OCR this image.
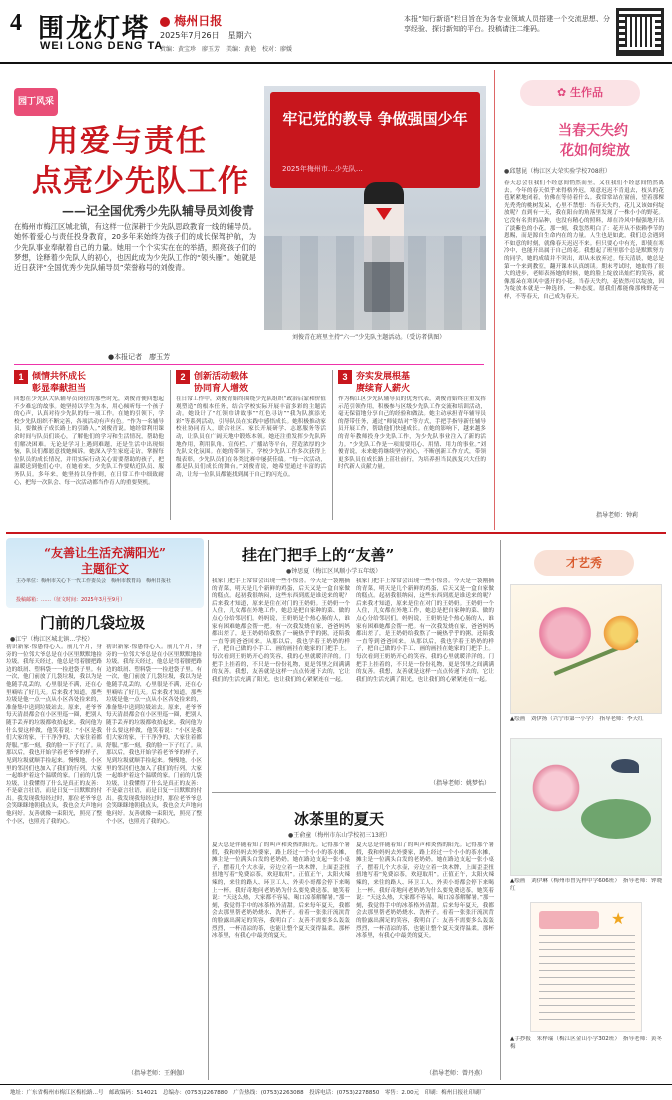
4 围龙灯塔
WEI LONG DENG TA
梅州日报
2025年7月26日　星期六
责编：黄宝珍　廖玉芳　美编：黄艳　校对：廖媛
本报“知行新语”栏目旨在为各专业领域人员搭建一个交流思想、分享经验、探讨新知的平台。投稿请注二维码。
园丁风采
用爱与责任
点亮少先队工作
——记全国优秀少先队辅导员刘俊青
在梅州市梅江区城北镇，有这样一位深耕于少先队思政教育一线的辅导员。她怀着爱心与责任投身教育，20多年来始终为孩子们的成长保驾护航，为少先队事业奉献着自己的力量。她用一个个实实在在的举措，照亮孩子们的梦想，诠释着少先队人的初心，也因此成为少先队工作的“领头雁”。她就是近日获评“全国优秀少先队辅导员”荣誉称号的刘俊青。
●本报记者　廖玉芳
牢记党的教导 争做强国少年
2025年梅州市…少先队…
刘俊青在班里主持“六一”少先队主题活动。（受访者供图）
1 倾情共怀成长
彰显奉献担当
回想在少先队大队辅导员岗位的那些时光，刘俊青便回想起不少难忘的故事。她坚持以学生为本，用心倾听每一个孩子的心声，认真对待少先队的每一项工作。在她的引领下，学校少先队组织不断完善，各项活动有声有色。“作为一名辅导员，要做孩子成长路上的引路人。”刘俊青说。她经常利用课余时间与队员们谈心，了解他们的学习和生活情况，帮助他们解决困难。无论是学习上遇到难题，还是生活中出现烦恼，队员们都愿意找她倾诉。她深入学生家庭走访，掌握每位队员的成长情况，并用实际行动关心需要帮助的孩子，把温暖送到他们心中。在她看来，少先队工作要贴近队员、服务队员。多年来，她坚持以身作则，在日常工作中细致耐心，把每一次队会、每一次活动都当作育人的重要契机。
2 创新活动载体
协同育人增效
在日常工作中，刘俊青始终围绕少先队组织“政治启蒙和价值观塑造”的根本任务，结合学校实际开展丰富多彩的主题活动。她设计了“红领巾讲故事”“红色寻访”“我为队旗添光彩”等系列活动，引导队员在实践中感悟成长。她积极推动家校社协同育人，联合社区、家长开展研学、志愿服务等活动，让队员在广阔天地中锻炼本领。她还注重发挥少先队阵地作用，利用队角、宣传栏、广播站等平台，营造浓厚的少先队文化氛围。在她的带领下，学校少先队工作多次获得上级表彰，少先队员们在各类比赛中屡获佳绩。“每一次活动，都是队员们成长的舞台。”刘俊青说，她希望通过丰富的活动，让每一位队员都能找到属于自己的闪光点。
3 夯实发展根基
赓续育人薪火
作为梅江区少先队辅导员的优秀代表，刘俊青始终注重发挥示范引领作用，积极参与区级少先队工作交流和培训活动，毫无保留地分享自己的经验和做法。她主动承担青年辅导员的帮带任务，通过“师徒结对”等方式，手把手指导新任辅导员开展工作，帮助他们快速成长。在她的影响下，越来越多的青年教师投身少先队工作，为少先队事业注入了新的活力。“少先队工作是一项需要用心、用情、用力的事业。”刘俊青说，未来她将继续坚守初心，不断创新工作方式，带领更多队员在成长路上茁壮前行，为培养担当民族复兴大任的时代新人贡献力量。
✿ 生作品
当春天失约
花如何绽放
●邱慧昆（梅江区大荣实验学校708班）
春天总会在我们不经意间悄然而至，又在我们不经意间悄然离去。今年的春天似乎来得格外迟，寒意迟迟不肯退去，枝头的花苞紧紧地闭着，仿佛在等待着什么。我常常站在窗前，望着那棵光秃秃的桃树发呆，心里不禁想：当春天失约，花儿又该如何绽放呢？直到有一天，我在阳台的角落里发现了一株小小的野花。它没有名贵的品种，也没有精心的照料，却在冷风中倔强地开出了淡紫色的小花。那一刻，我忽然明白了：花开从不依赖季节的恩赐，而是源自生命内在的力量。人生也是如此，我们总会遇到不如意的时刻，就像春天迟迟不来。但只要心中有光，即使在寒冷中，也能开出属于自己的花。我想起了班里那个总是默默努力的同学，她的成绩并不突出，却从未放弃过。每天清晨，她总是第一个来到教室，翻开课本认真朗读。期末考试时，她取得了很大的进步，老师表扬她的时候，她的脸上绽放出灿烂的笑容，就像那朵在寒风中盛开的小花。当春天失约，花依然可以绽放，因为绽放本就是一种选择，一种态度。愿我们都能像那株野花一样，不等春天，自己成为春天。
指导老师：钟莉
“友善让生活充满阳光”
主题征文
主办单位：梅州市关心下一代工作委员会　梅州市教育局　梅州日报社
投稿邮箱：……（征文时间：2025年3月至9月）
门前的几袋垃圾
●江宁（梅江区城北镇…学校）
初识新家·惊愚得心人。前几个月，身旁的一位邻大爷总是在小区里默默地捡垃圾。我每天经过，他总是弯着腰把路边的纸屑、塑料袋一一捡进袋子里。有一次，他门前放了几袋垃圾，我以为是他随手乱丢的，心里很是不满，还在心里嘀咕了好几天。后来我才知道，那些垃圾是他一点一点从小区各处捡来的，准备集中送到垃圾站去。原来，老爷爷每天清晨都会在小区里巡一圈，把别人随手丢弃的垃圾都收拾起来。我问他为什么要这样做，他笑着说：“小区是我们大家的家，干干净净的，大家住着都舒服。”那一刻，我的脸一下子红了。从那以后，我也开始学着老爷爷的样子，见到垃圾就顺手捡起来。慢慢地，小区里的邻居们也加入了我们的行列，大家一起维护着这个温暖的家。门前的几袋垃圾，让我懂得了什么是真正的友善：不是豪言壮语，而是日复一日默默的付出。我发现我每经过时，那位老爷爷总会笑眯眯地朝我点头，我也会大声地向他问好。友善就像一束阳光，照亮了整个小区，也照亮了我的心。
初识新家·惊愚得心人。前几个月，身旁的一位邻大爷总是在小区里默默地捡垃圾。我每天经过，他总是弯着腰把路边的纸屑、塑料袋一一捡进袋子里。有一次，他门前放了几袋垃圾，我以为是他随手乱丢的，心里很是不满，还在心里嘀咕了好几天。后来我才知道，那些垃圾是他一点一点从小区各处捡来的，准备集中送到垃圾站去。原来，老爷爷每天清晨都会在小区里巡一圈，把别人随手丢弃的垃圾都收拾起来。我问他为什么要这样做，他笑着说：“小区是我们大家的家，干干净净的，大家住着都舒服。”那一刻，我的脸一下子红了。从那以后，我也开始学着老爷爷的样子，见到垃圾就顺手捡起来。慢慢地，小区里的邻居们也加入了我们的行列，大家一起维护着这个温暖的家。门前的几袋垃圾，让我懂得了什么是真正的友善：不是豪言壮语，而是日复一日默默的付出。我发现我每经过时，那位老爷爷总会笑眯眯地朝我点头，我也会大声地向他问好。友善就像一束阳光，照亮了整个小区，也照亮了我的心。
（指导老师：王俐伽）
挂在门把手上的“友善”
●钟思夏（梅江区风顺小学五年级）
我家门把手上常常会出现一些小惊喜。今天是一袋刚摘的青菜，明天是几个新鲜的鸡蛋，后天又是一盒自家做的糕点。起初我很纳闷，这些东西到底是谁送来的呢？后来我才知道，原来是住在对门的王奶奶。王奶奶一个人住，儿女都在外地工作，她总是把自家种的菜、做的点心分给邻居们。妈妈说，王奶奶是个热心肠的人，谁家有困难她都会帮一把。有一次我发烧在家，爸爸妈妈都出差了，是王奶奶给我熬了一碗热乎乎的粥，还陪我一直等到爸爸回来。从那以后，我也学着王奶奶的样子，把自己做的小手工、画的画挂在她家的门把手上。每次看到王奶奶开心的笑容，我的心里就暖洋洋的。门把手上挂着的，不只是一份份礼物，更是邻里之间满满的友善。我想，友善就是这样一点点传递下去的，它让我们的生活充满了阳光，也让我们的心紧紧连在一起。
我家门把手上常常会出现一些小惊喜。今天是一袋刚摘的青菜，明天是几个新鲜的鸡蛋，后天又是一盒自家做的糕点。起初我很纳闷，这些东西到底是谁送来的呢？后来我才知道，原来是住在对门的王奶奶。王奶奶一个人住，儿女都在外地工作，她总是把自家种的菜、做的点心分给邻居们。妈妈说，王奶奶是个热心肠的人，谁家有困难她都会帮一把。有一次我发烧在家，爸爸妈妈都出差了，是王奶奶给我熬了一碗热乎乎的粥，还陪我一直等到爸爸回来。从那以后，我也学着王奶奶的样子，把自己做的小手工、画的画挂在她家的门把手上。每次看到王奶奶开心的笑容，我的心里就暖洋洋的。门把手上挂着的，不只是一份份礼物，更是邻里之间满满的友善。我想，友善就是这样一点点传递下去的，它让我们的生活充满了阳光，也让我们的心紧紧连在一起。
（指导老师：姚梦怡）
冰茶里的夏天
●王俞童（梅州市东山学校初三13班）
夏天总是伴随着知了的叫声和炎热的阳光。记得那个暑假，我和妈妈去外婆家，路上经过一个小小的茶水摊，摊主是一位满头白发的老奶奶。她在路边支起一张小桌子，摆着几个大水壶，旁边立着一块木牌，上面歪歪扭扭地写着“免费凉茶，欢迎取用”。正值正午，太阳火辣辣的，来往的路人、环卫工人、外卖小哥都会停下来喝上一杯。我好奇地问老奶奶为什么要免费送茶，她笑着说：“天这么热，大家都不容易，喝口凉茶解解暑。”那一刻，我觉得手中的冰茶格外清甜。后来每年夏天，我都会去那里帮老奶奶烧水、洗杯子。看着一张张汗流浃背的脸露出满足的笑容，我明白了：友善不需要多么轰轰烈烈，一杯清凉的茶，也能让整个夏天变得温柔。那杯冰茶里，有我心中最美的夏天。
夏天总是伴随着知了的叫声和炎热的阳光。记得那个暑假，我和妈妈去外婆家，路上经过一个小小的茶水摊，摊主是一位满头白发的老奶奶。她在路边支起一张小桌子，摆着几个大水壶，旁边立着一块木牌，上面歪歪扭扭地写着“免费凉茶，欢迎取用”。正值正午，太阳火辣辣的，来往的路人、环卫工人、外卖小哥都会停下来喝上一杯。我好奇地问老奶奶为什么要免费送茶，她笑着说：“天这么热，大家都不容易，喝口凉茶解解暑。”那一刻，我觉得手中的冰茶格外清甜。后来每年夏天，我都会去那里帮老奶奶烧水、洗杯子。看着一张张汗流浃背的脸露出满足的笑容，我明白了：友善不需要多么轰轰烈烈，一杯清凉的茶，也能让整个夏天变得温柔。那杯冰茶里，有我心中最美的夏天。
（指导老师：曾丹燕）
才艺秀
▲绘画　刘伊扬（兴宁市第一小学）　指导老师：李天红
▲绘画　刘伊琳（梅州市曾宪梓中学606班）　指导老师：钟晓红
★
▲手抄报　朱梓瑞（梅江区金山小学302班）　指导老师：黄冬梅
地址：广东省梅州市梅江区梅松路…号　邮政编码：514021　总编办：(0753)2267880　广告热线：(0753)2263088　投诉电话：(0753)2278850　零售：2.00元　印刷：梅州日报社印刷厂
